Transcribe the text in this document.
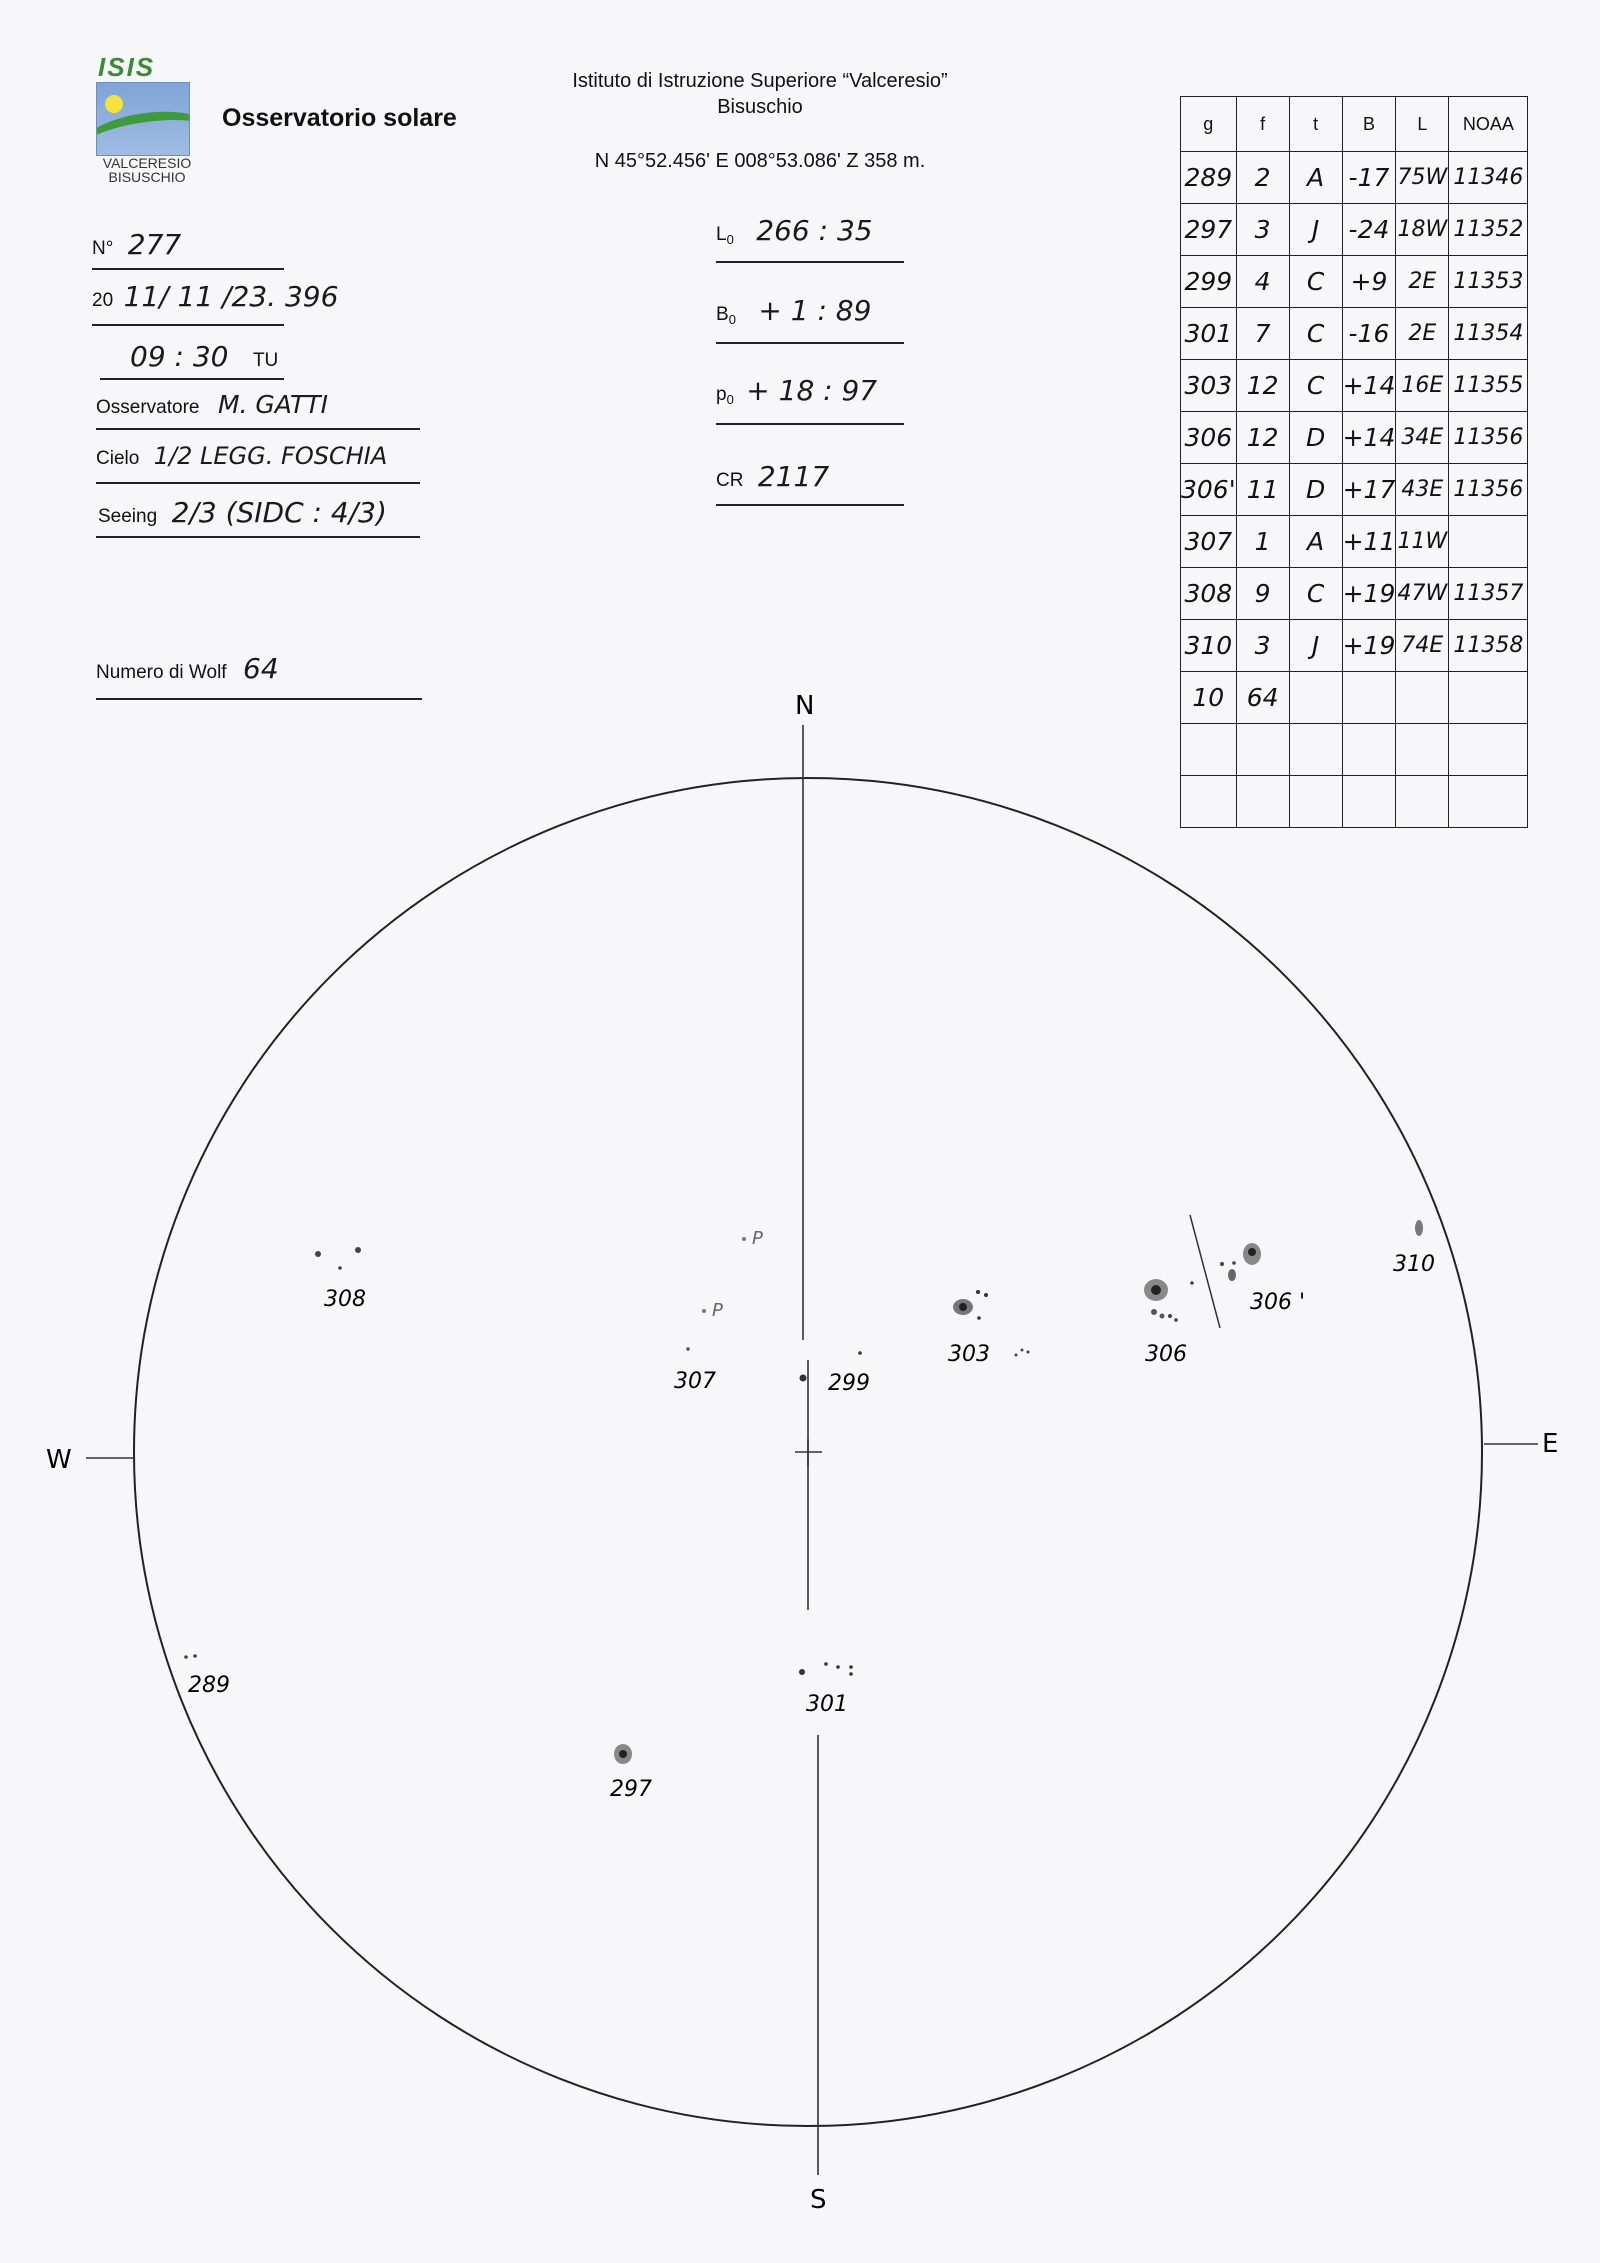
ISIS
VALCERESIO
BISUSCHIO
Osservatorio solare
Istituto di Istruzione Superiore “Valceresio”
Bisuschio
N 45°52.456' E 008°53.086' Z 358 m.
N° 277
20 11/ 11 /23. 396
09 : 30 TU
Osservatore M. GATTI
Cielo 1/2 LEGG. FOSCHIA
Seeing 2/3 (SIDC : 4/3)
Numero di Wolf 64
$L_0$ 266 : 35
$B_0 + 1$ : 89
$p_0 + 18$ : 97
CR 2117
g	f	t	B	L	NOAA
289	2	A	-17	75W	11346
297	3	J	-24	18W	11352
299	4	C	+9	2E	11353
301	7	C	-16	2E	11354
303	12	C	+14	16E	11355
306	12	D	+14	34E	11356
306'	11	D	+17	43E	11356
307	1	A	+11	11W	
308	9	C	+19	47W	11357
310	3	J	+19	74E	11358
10	64				

N
S
W
E
308
307	299
303	306
306 '
310
289
301
297
P
P
